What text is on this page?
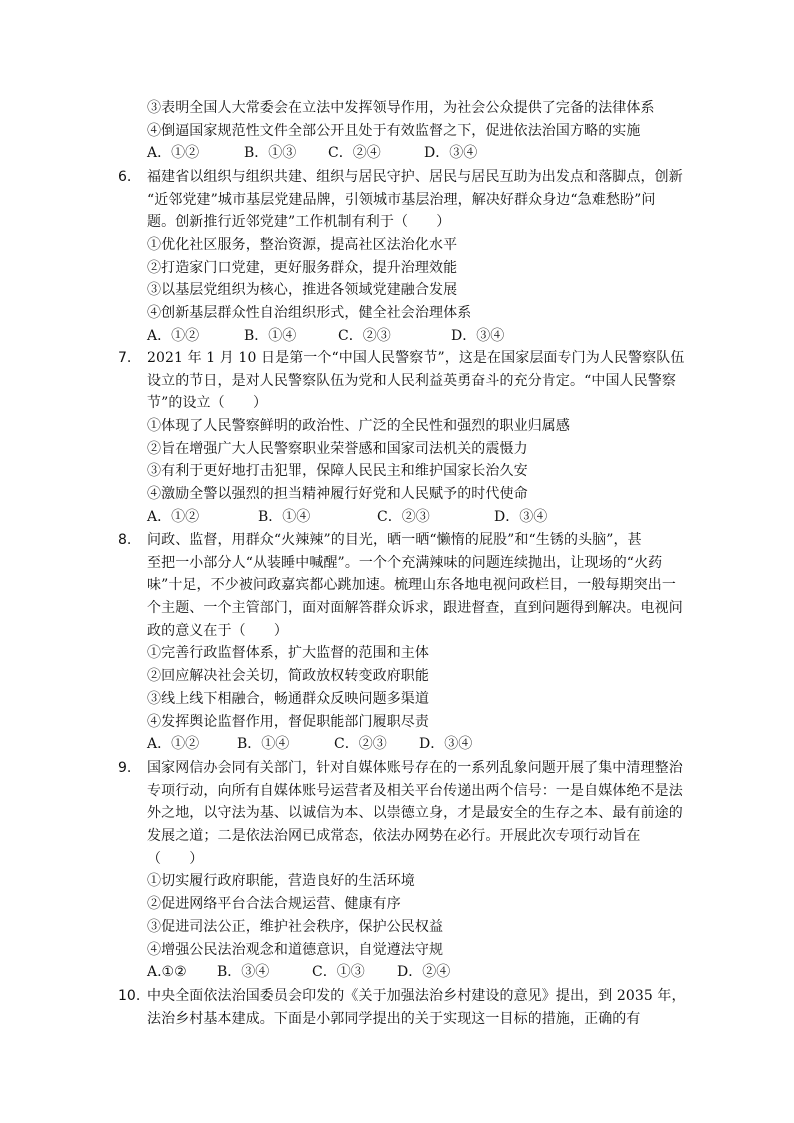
③表明全国人大常委会在立法中发挥领导作用，为社会公众提供了完备的法律体系
④倒逼国家规范性文件全部公开且处于有效监督之下，促进依法治国方略的实施
A．①②	B．①③ C．②④	D．③④
6. 福建省以组织与组织共建、组织与居民守护、居民与居民互助为出发点和落脚点，创新
“近邻党建”城市基层党建品牌，引领城市基层治理，解决好群众身边“急难愁盼”问
题。创新推行近邻党建”工作机制有利于（　　）
①优化社区服务，整治资源，提高社区法治化水平
②打造家门口党建，更好服务群众，提升治理效能
③以基层党组织为核心，推进各领域党建融合发展
④创新基层群众性自治组织形式，健全社会治理体系
A．①②	B．①④	C．②③	D．③④
7. 2021 年 1 月 10 日是第一个“中国人民警察节”，这是在国家层面专门为人民警察队伍
设立的节日，是对人民警察队伍为党和人民利益英勇奋斗的充分肯定。“中国人民警察
节”的设立（　　）
①体现了人民警察鲜明的政治性、广泛的全民性和强烈的职业归属感
②旨在增强广大人民警察职业荣誉感和国家司法机关的震慑力
③有利于更好地打击犯罪，保障人民民主和维护国家长治久安
④激励全警以强烈的担当精神履行好党和人民赋予的时代使命
A．①②	B．①④	C．②③	D．③④
8. 问政、监督，用群众“火辣辣”的目光，晒一晒“懒惰的屁股”和“生锈的头脑”，甚
至把一小部分人“从装睡中喊醒”。一个个充满辣味的问题连续抛出，让现场的“火药
味”十足，不少被问政嘉宾都心跳加速。梳理山东各地电视问政栏目，一般每期突出一
个主题、一个主管部门，面对面解答群众诉求，跟进督查，直到问题得到解决。电视问
政的意义在于（　　）
①完善行政监督体系，扩大监督的范围和主体
②回应解决社会关切，简政放权转变政府职能
③线上线下相融合，畅通群众反映问题多渠道
④发挥舆论监督作用，督促职能部门履职尽责
A．①②	B．①④	C．②③ D．③④
9. 国家网信办会同有关部门，针对自媒体账号存在的一系列乱象问题开展了集中清理整治
专项行动，向所有自媒体账号运营者及相关平台传递出两个信号：一是自媒体绝不是法
外之地，以守法为基、以诚信为本、以崇德立身，才是最安全的生存之本、最有前途的
发展之道；二是依法治网已成常态，依法办网势在必行。开展此次专项行动旨在
（　　）
①切实履行政府职能，营造良好的生活环境
②促进网络平台合法合规运营、健康有序
③促进司法公正，维护社会秩序，保护公民权益
④增强公民法治观念和道德意识，自觉遵法守规
A.①② B．③④	C．①③ D．②④
10. 中央全面依法治国委员会印发的《关于加强法治乡村建设的意见》提出，到 2035 年，
法治乡村基本建成。下面是小郭同学提出的关于实现这一目标的措施，正确的有
